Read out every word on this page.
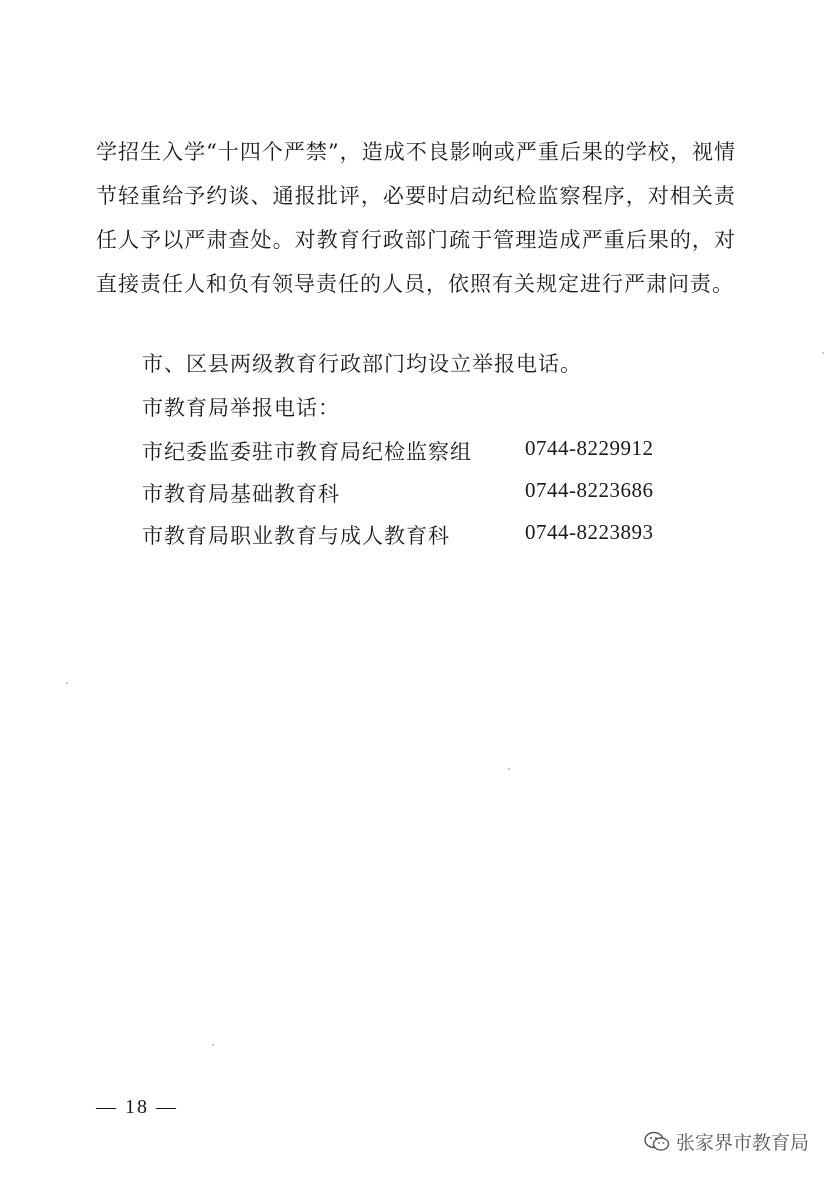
学招生入学“十四个严禁”，造成不良影响或严重后果的学校，视情节轻重给予约谈、通报批评，必要时启动纪检监察程序，对相关责任人予以严肃查处。对教育行政部门疏于管理造成严重后果的，对直接责任人和负有领导责任的人员，依照有关规定进行严肃问责。
市、区县两级教育行政部门均设立举报电话。
市教育局举报电话：
市纪委监委驻市教育局纪检监察组	0744-8229912
市教育局基础教育科	0744-8223686
市教育局职业教育与成人教育科	0744-8223893
— 18 —
张家界市教育局
